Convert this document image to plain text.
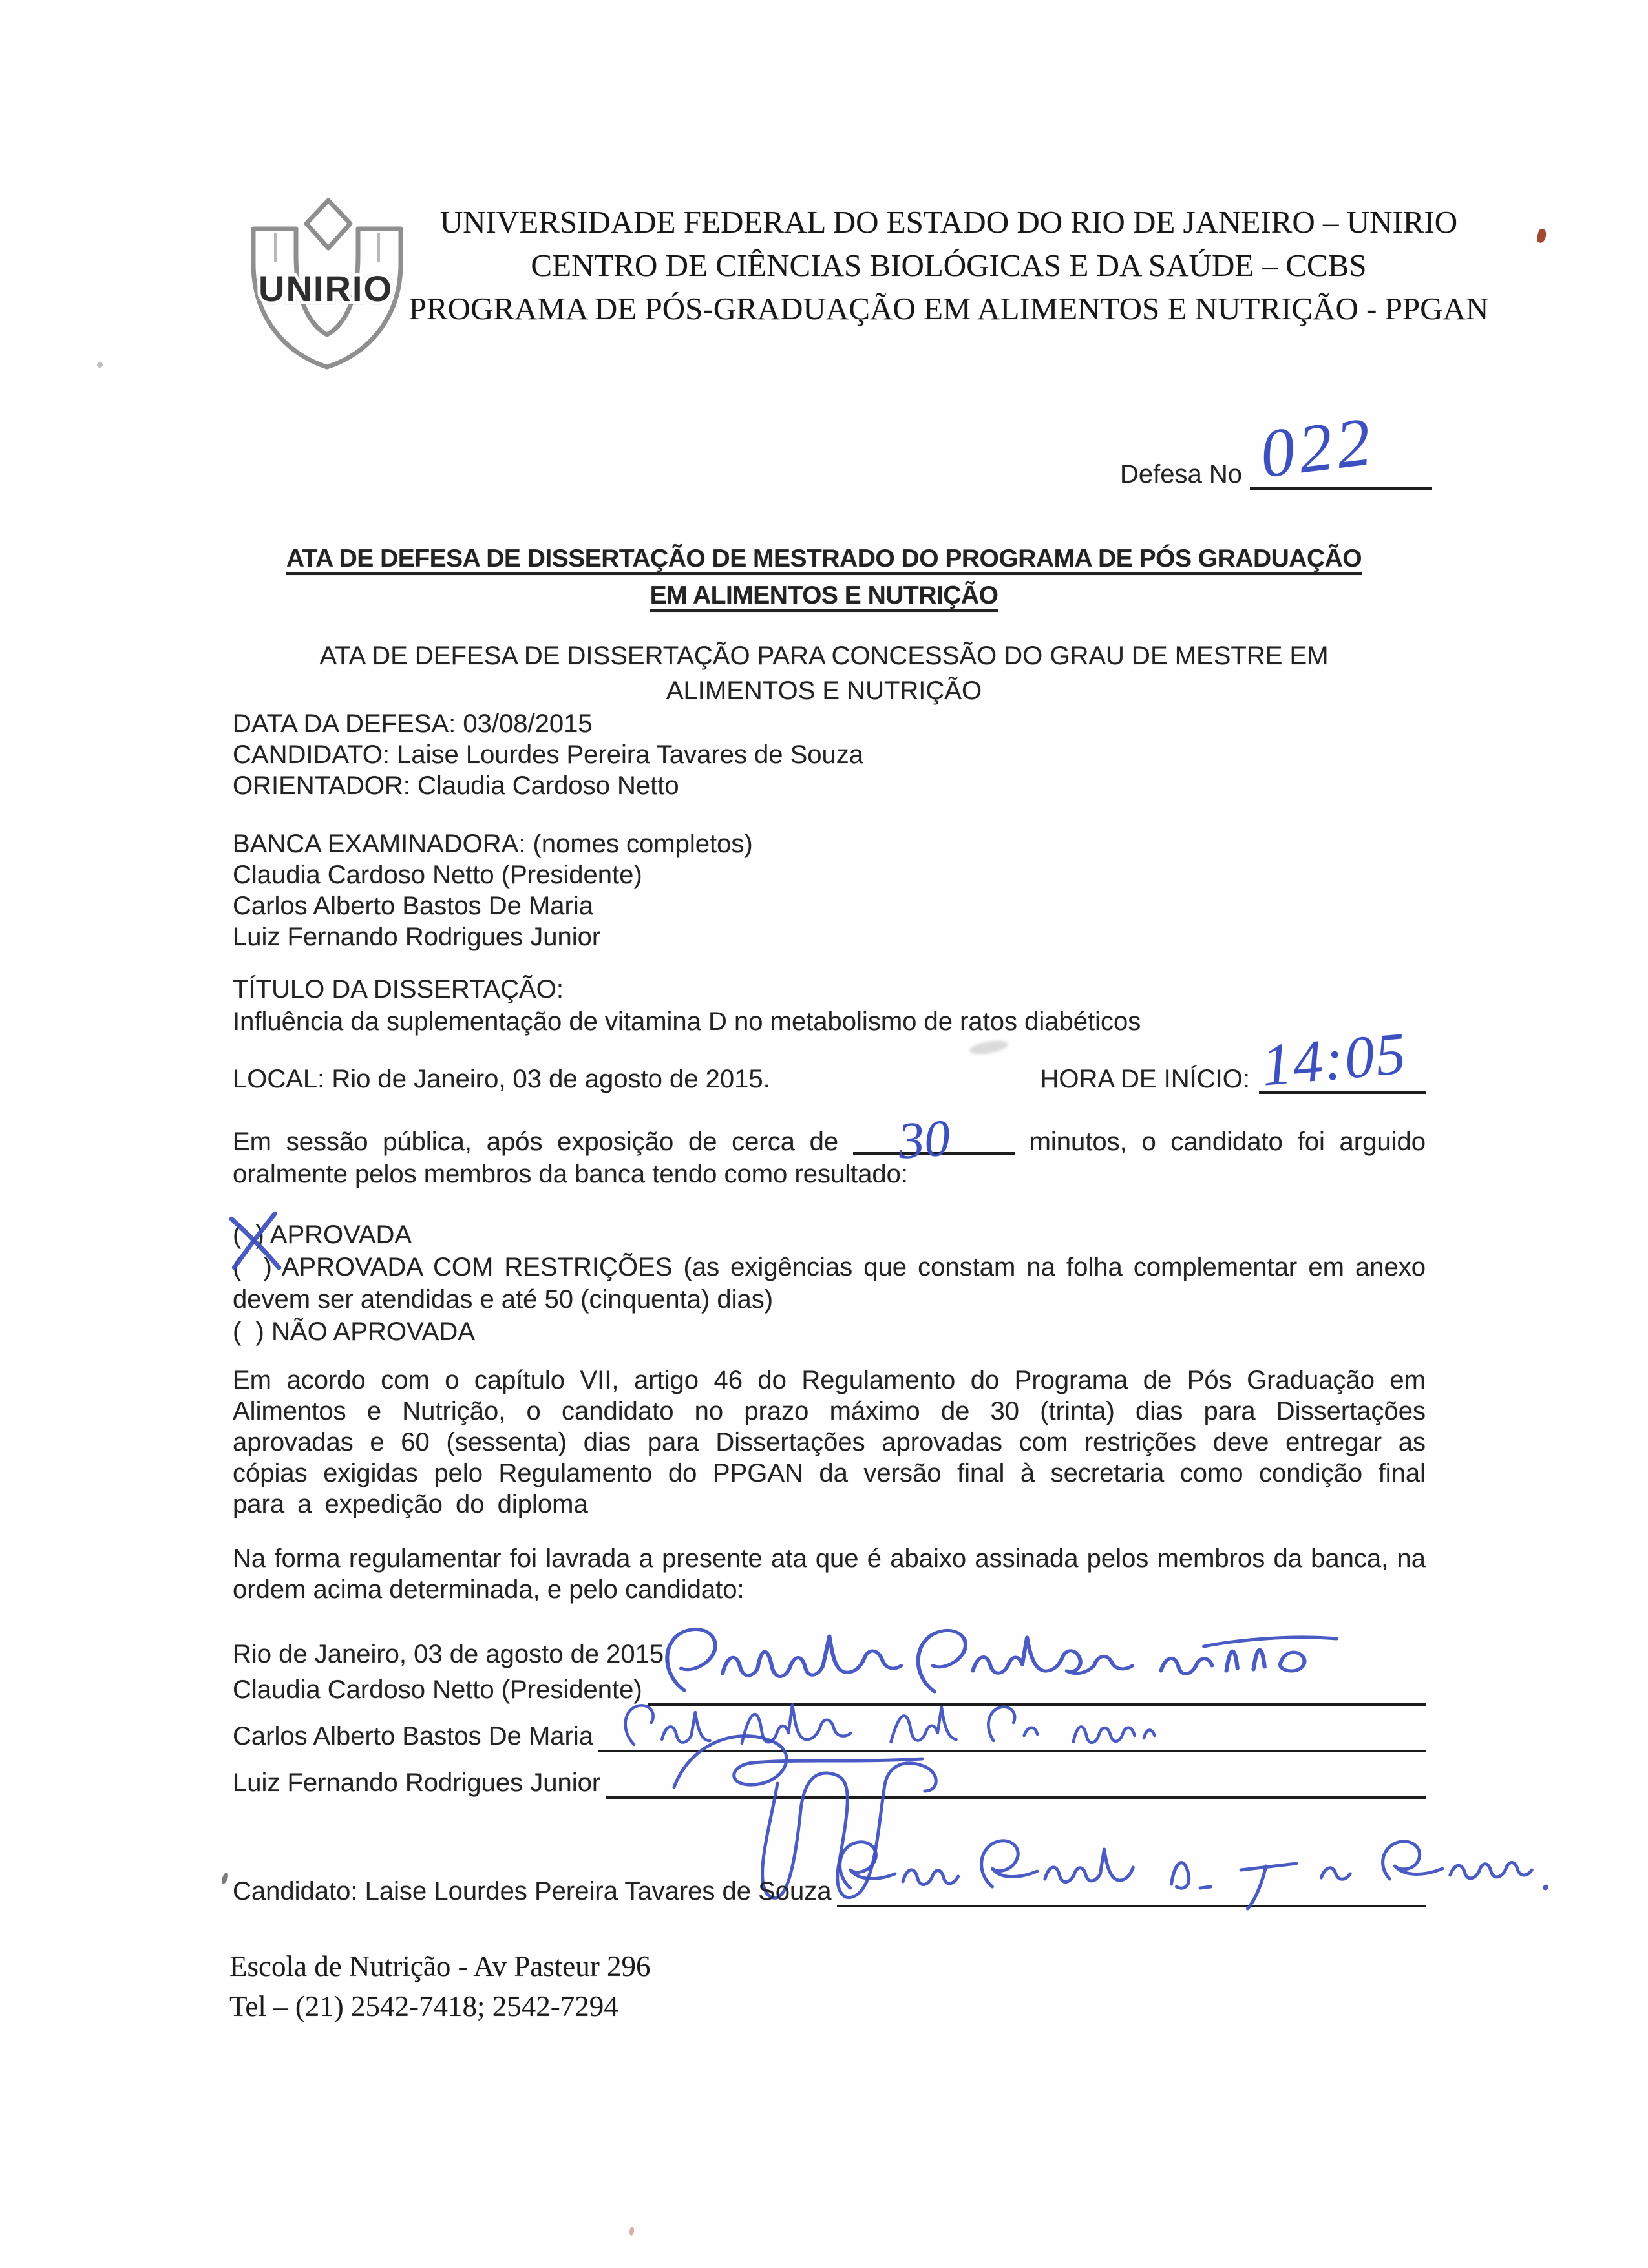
UNIRIO
UNIVERSIDADE FEDERAL DO ESTADO DO RIO DE JANEIRO – UNIRIO
CENTRO DE CIÊNCIAS BIOLÓGICAS E DA SAÚDE – CCBS
PROGRAMA DE PÓS-GRADUAÇÃO EM ALIMENTOS E NUTRIÇÃO - PPGAN
Defesa No 022
ATA DE DEFESA DE DISSERTAÇÃO DE MESTRADO DO PROGRAMA DE PÓS GRADUAÇÃO
EM ALIMENTOS E NUTRIÇÃO
ATA DE DEFESA DE DISSERTAÇÃO PARA CONCESSÃO DO GRAU DE MESTRE EM
ALIMENTOS E NUTRIÇÃO
DATA DA DEFESA: 03/08/2015
CANDIDATO: Laise Lourdes Pereira Tavares de Souza
ORIENTADOR: Claudia Cardoso Netto
BANCA EXAMINADORA: (nomes completos)
Claudia Cardoso Netto (Presidente)
Carlos Alberto Bastos De Maria
Luiz Fernando Rodrigues Junior
TÍTULO DA DISSERTAÇÃO:
Influência da suplementação de vitamina D no metabolismo de ratos diabéticos
LOCAL: Rio de Janeiro, 03 de agosto de 2015.	HORA DE INÍCIO: 14:05
Em sessão pública, após exposição de cerca de 30	minutos, o candidato foi arguido oralmente pelos membros da banca tendo como resultado:

(  ) APROVADA

(  ) APROVADA COM RESTRIÇÕES (as exigências que constam na folha complementar em anexo devem ser atendidas e até 50 (cinquenta) dias)

(  ) NÃO APROVADA

Em acordo com o capítulo VII, artigo 46 do Regulamento do Programa de Pós Graduação em Alimentos e Nutrição, o candidato no prazo máximo de 30 (trinta) dias para Dissertações aprovadas e 60 (sessenta) dias para Dissertações aprovadas com restrições deve entregar as cópias exigidas pelo Regulamento do PPGAN da versão final à secretaria como condição final para a expedição do diploma
Na forma regulamentar foi lavrada a presente ata que é abaixo assinada pelos membros da banca, na ordem acima determinada, e pelo candidato:
Rio de Janeiro, 03 de agosto de 2015.
Claudia Cardoso Netto (Presidente)
Carlos Alberto Bastos De Maria
Luiz Fernando Rodrigues Junior
Candidato: Laise Lourdes Pereira Tavares de Souza
Escola de Nutrição - Av Pasteur 296
Tel – (21) 2542-7418; 2542-7294
